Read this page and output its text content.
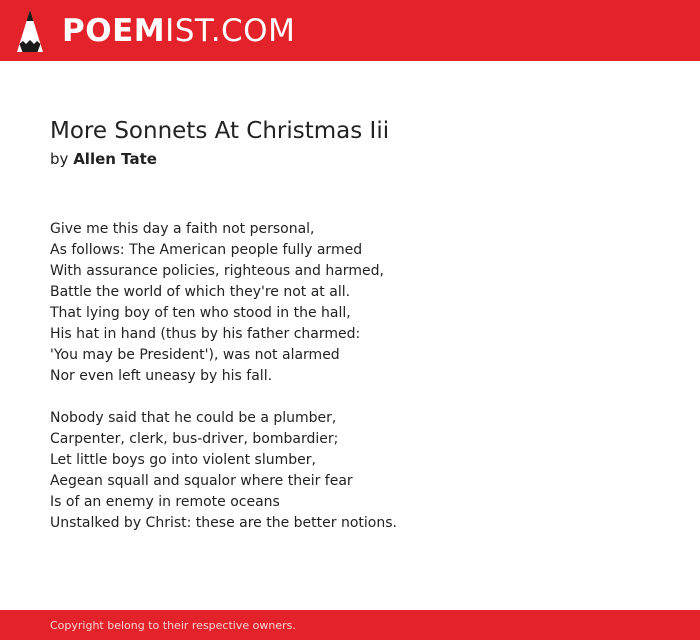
POEMIST.COM
More Sonnets At Christmas Iii
by Allen Tate
Give me this day a faith not personal,
As follows: The American people fully armed
With assurance policies, righteous and harmed,
Battle the world of which they're not at all.
That lying boy of ten who stood in the hall,
His hat in hand (thus by his father charmed:
'You may be President'), was not alarmed
Nor even left uneasy by his fall.
Nobody said that he could be a plumber,
Carpenter, clerk, bus-driver, bombardier;
Let little boys go into violent slumber,
Aegean squall and squalor where their fear
Is of an enemy in remote oceans
Unstalked by Christ: these are the better notions.
Copyright belong to their respective owners.
